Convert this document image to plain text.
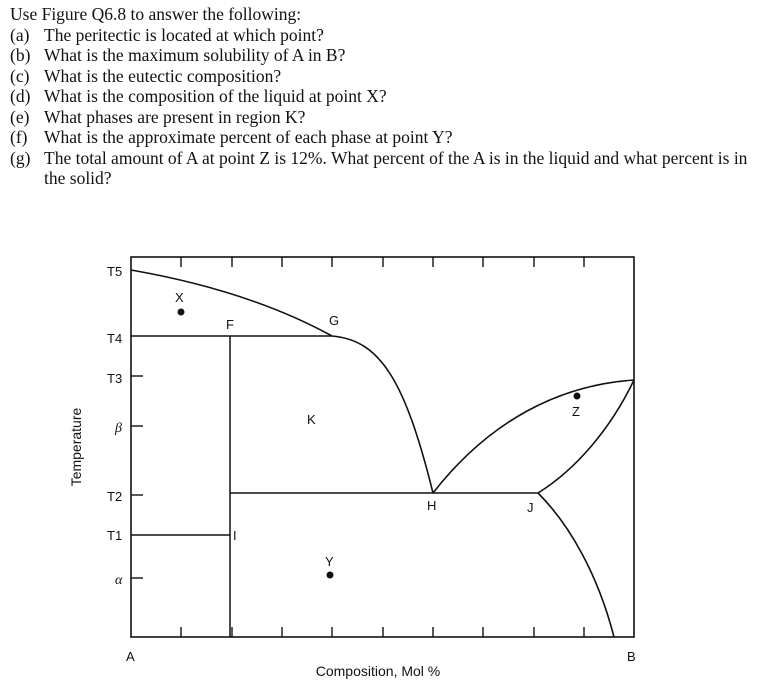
Use Figure Q6.8 to answer the following:

(a) The peritectic is located at which point?
(b) What is the maximum solubility of A in B?
(c) What is the eutectic composition?
(d) What is the composition of the liquid at point X?
(e) What phases are present in region K?
(f) What is the approximate percent of each phase at point Y?
(g) The total amount of A at point Z is 12%. What percent of the A is in the liquid and what percent is in the solid?
T5
T4
T3
β
T2
T1
α
X
F	G
K
H	J
I
Y
Z
A	B
Composition, Mol %
Temperature
